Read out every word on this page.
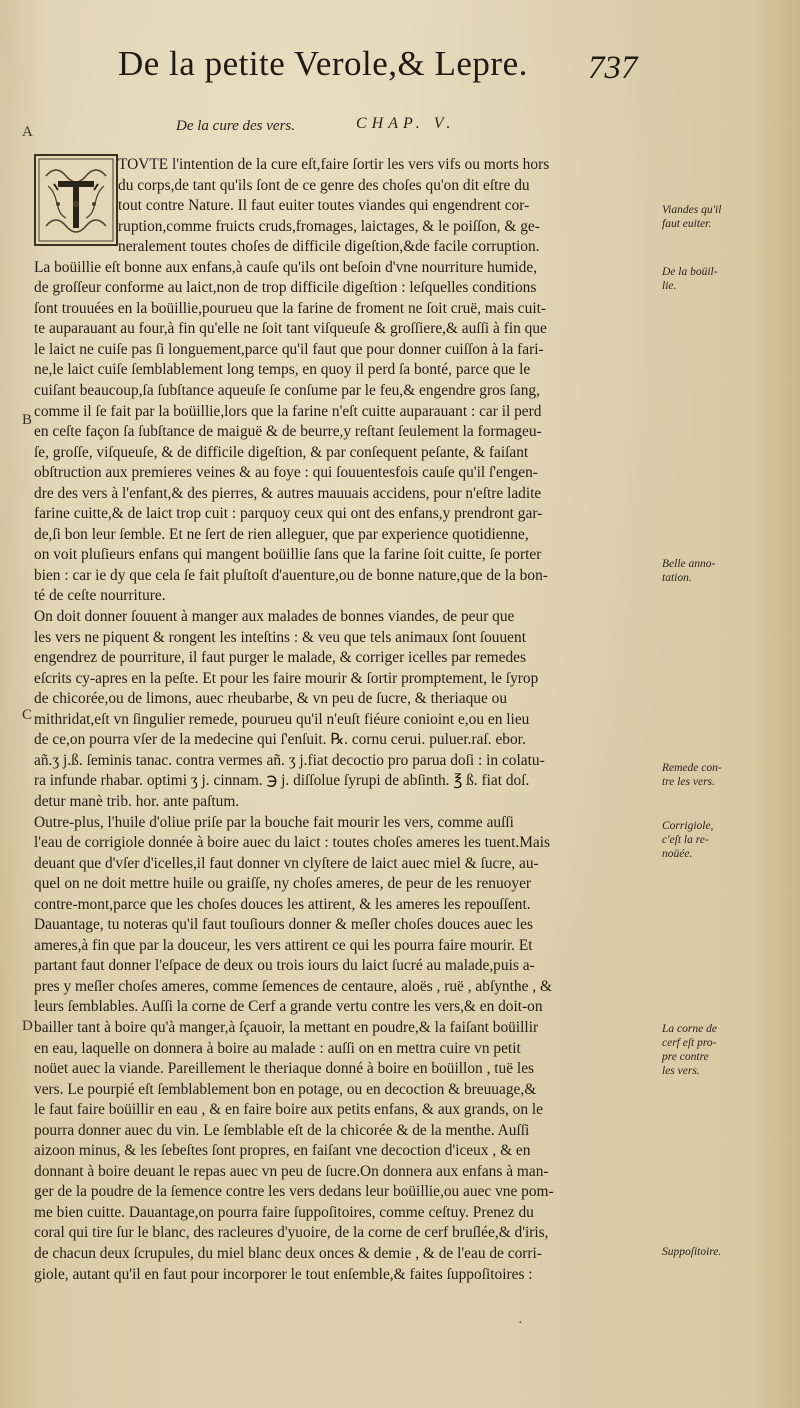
De la petite Verole,& Lepre.	737
De la cure des vers.	CHAP. V.
A
B
C
D
TOVTE l'intention de la cure eſt,faire ſortir les vers vifs ou morts hors
du corps,de tant qu'ils ſont de ce genre des choſes qu'on dit eſtre du
tout contre Nature. Il faut euiter toutes viandes qui engendrent cor-
ruption,comme fruicts cruds,fromages, laictages, & le poiſſon, & ge-
neralement toutes choſes de difficile digeſtion,&de facile corruption.
La boüillie eſt bonne aux enfans,à cauſe qu'ils ont beſoin d'vne nourriture humide,
de groſſeur conforme au laict,non de trop difficile digeſtion : leſquelles conditions
ſont trouuées en la boüillie,pourueu que la farine de froment ne ſoit cruë, mais cuit-
te auparauant au four,à fin qu'elle ne ſoit tant viſqueuſe & groſſiere,& auſſi à fin que
le laict ne cuiſe pas ſi longuement,parce qu'il faut que pour donner cuiſſon à la fari-
ne,le laict cuiſe ſemblablement long temps, en quoy il perd ſa bonté, parce que le
cuiſant beaucoup,ſa ſubſtance aqueuſe ſe conſume par le feu,& engendre gros ſang,
comme il ſe fait par la boüillie,lors que la farine n'eſt cuitte auparauant : car il perd
en ceſte façon ſa ſubſtance de maiguë & de beurre,y reſtant ſeulement la formageu-
ſe, groſſe, viſqueuſe, & de difficile digeſtion, & par conſequent peſante, & faiſant
obſtruction aux premieres veines & au foye : qui ſouuentesfois cauſe qu'il ſ'engen-
dre des vers à l'enfant,& des pierres, & autres mauuais accidens, pour n'eſtre ladite
farine cuitte,& de laict trop cuit : parquoy ceux qui ont des enfans,y prendront gar-
de,ſi bon leur ſemble. Et ne ſert de rien alleguer, que par experience quotidienne,
on voit pluſieurs enfans qui mangent boüillie ſans que la farine ſoit cuitte, ſe porter
bien : car ie dy que cela ſe fait pluſtoſt d'auenture,ou de bonne nature,que de la bon-
té de ceſte nourriture.
On doit donner ſouuent à manger aux malades de bonnes viandes, de peur que
les vers ne piquent & rongent les inteſtins : & veu que tels animaux ſont ſouuent
engendrez de pourriture, il faut purger le malade, & corriger icelles par remedes
eſcrits cy-apres en la peſte. Et pour les faire mourir & ſortir promptement, le ſyrop
de chicorée,ou de limons, auec rheubarbe, & vn peu de ſucre, & theriaque ou
mithridat,eſt vn ſingulier remede, pourueu qu'il n'euſt fiéure conioint e,ou en lieu
de ce,on pourra vſer de la medecine qui ſ'enſuit. ℞. cornu cerui. puluer.raſ. ebor.
añ.ʒ j.ß. ſeminis tanac. contra vermes añ. ʒ j.fiat decoctio pro parua doſi : in colatu-
ra infunde rhabar. optimi ʒ j. cinnam. ℈ j. diſſolue ſyrupi de abſinth. ℥ ß. fiat doſ.
detur manè trib. hor. ante paſtum.
Outre-plus, l'huile d'oliue priſe par la bouche fait mourir les vers, comme auſſi
l'eau de corrigiole donnée à boire auec du laict : toutes choſes ameres les tuent.Mais
deuant que d'vſer d'icelles,il faut donner vn clyſtere de laict auec miel & ſucre, au-
quel on ne doit mettre huile ou graiſſe, ny choſes ameres, de peur de les renuoyer
contre-mont,parce que les choſes douces les attirent, & les ameres les repouſſent.
Dauantage, tu noteras qu'il faut touſiours donner & meſler choſes douces auec les
ameres,à fin que par la douceur, les vers attirent ce qui les pourra faire mourir. Et
partant faut donner l'eſpace de deux ou trois iours du laict ſucré au malade,puis a-
pres y meſler choſes ameres, comme ſemences de centaure, aloës , ruë , abſynthe , &
leurs ſemblables. Auſſi la corne de Cerf a grande vertu contre les vers,& en doit-on
bailler tant à boire qu'à manger,à ſçauoir, la mettant en poudre,& la faiſant boüillir
en eau, laquelle on donnera à boire au malade : auſſi on en mettra cuire vn petit
noüet auec la viande. Pareillement le theriaque donné à boire en boüillon , tuë les
vers. Le pourpié eſt ſemblablement bon en potage, ou en decoction & breuuage,&
le faut faire boüillir en eau , & en faire boire aux petits enfans, & aux grands, on le
pourra donner auec du vin. Le ſemblable eſt de la chicorée & de la menthe. Auſſi
aizoon minus, & les ſebeſtes ſont propres, en faiſant vne decoction d'iceux , & en
donnant à boire deuant le repas auec vn peu de ſucre.On donnera aux enfans à man-
ger de la poudre de la ſemence contre les vers dedans leur boüillie,ou auec vne pom-
me bien cuitte. Dauantage,on pourra faire ſuppoſitoires, comme ceſtuy. Prenez du
coral qui tire ſur le blanc, des racleures d'yuoire, de la corne de cerf bruſlée,& d'iris,
de chacun deux ſcrupules, du miel blanc deux onces & demie , & de l'eau de corri-
giole, autant qu'il en faut pour incorporer le tout enſemble,& faites ſuppoſitoires :
Viandes qu'il
faut euiter.
De la boüil-
lie.
Belle anno-
tation.
Remede con-
tre les vers.
Corrigiole,
c'eſt la re-
noüée.
La corne de
cerf eſt pro-
pre contre
les vers.
Suppoſitoire.
·
